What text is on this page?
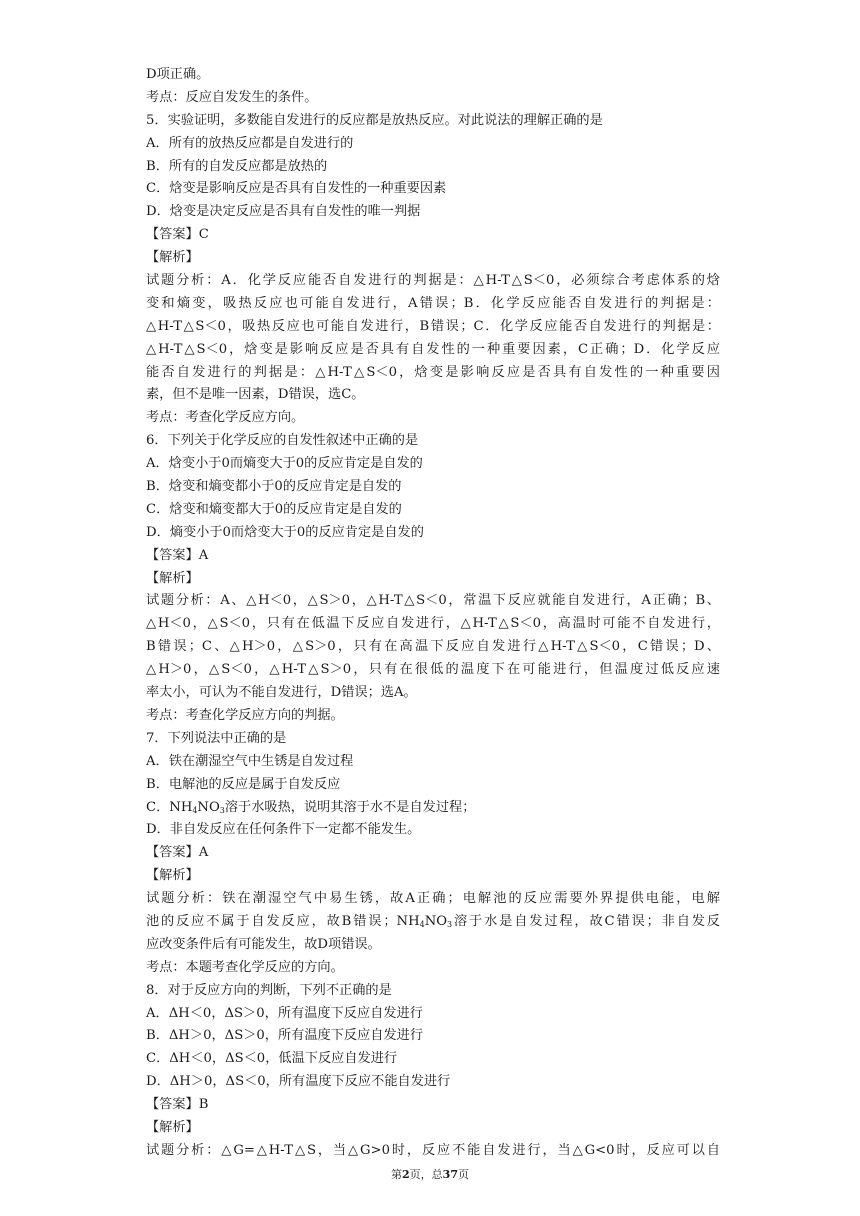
D项正确。
考点：反应自发发生的条件。
5．实验证明，多数能自发进行的反应都是放热反应。对此说法的理解正确的是
A．所有的放热反应都是自发进行的
B．所有的自发反应都是放热的
C．焓变是影响反应是否具有自发性的一种重要因素
D．焓变是决定反应是否具有自发性的唯一判据
【答案】C
【解析】
试题分析：A．化学反应能否自发进行的判据是：△H-T△S＜0，必须综合考虑体系的焓
变和熵变，吸热反应也可能自发进行，A错误；B．化学反应能否自发进行的判据是：
△H-T△S＜0，吸热反应也可能自发进行，B错误；C．化学反应能否自发进行的判据是：
△H-T△S＜0，焓变是影响反应是否具有自发性的一种重要因素，C正确；D．化学反应
能否自发进行的判据是：△H-T△S＜0，焓变是影响反应是否具有自发性的一种重要因
素，但不是唯一因素，D错误，选C。
考点：考查化学反应方向。
6．下列关于化学反应的自发性叙述中正确的是
A．焓变小于0而熵变大于0的反应肯定是自发的
B．焓变和熵变都小于0的反应肯定是自发的
C．焓变和熵变都大于0的反应肯定是自发的
D．熵变小于0而焓变大于0的反应肯定是自发的
【答案】A
【解析】
试题分析：A、△H＜0，△S＞0，△H-T△S＜0，常温下反应就能自发进行，A正确；B、
△H＜0，△S＜0，只有在低温下反应自发进行，△H-T△S＜0，高温时可能不自发进行，
B错误；C、△H＞0，△S＞0，只有在高温下反应自发进行△H-T△S＜0，C错误；D、
△H＞0，△S＜0，△H-T△S＞0，只有在很低的温度下在可能进行，但温度过低反应速
率太小，可认为不能自发进行，D错误；选A。
考点：考查化学反应方向的判据。
7．下列说法中正确的是
A．铁在潮湿空气中生锈是自发过程
B．电解池的反应是属于自发反应
C．$NH_4NO_3$溶于水吸热，说明其溶于水不是自发过程；
D．非自发反应在任何条件下一定都不能发生。
【答案】A
【解析】
试题分析：铁在潮湿空气中易生锈，故A正确；电解池的反应需要外界提供电能，电解
池的反应不属于自发反应，故B错误；$NH_4NO_3$溶于水是自发过程，故C错误；非自发反
应改变条件后有可能发生，故D项错误。
考点：本题考查化学反应的方向。
8．对于反应方向的判断，下列不正确的是
A．ΔH＜0，ΔS＞0，所有温度下反应自发进行
B．ΔH＞0，ΔS＞0，所有温度下反应自发进行
C．ΔH＜0，ΔS＜0，低温下反应自发进行
D．ΔH＞0，ΔS＜0，所有温度下反应不能自发进行
【答案】B
【解析】
试题分析：△G=△H-T△S，当△G>0时，反应不能自发进行，当△G<0时，反应可以自
第2页，总37页
